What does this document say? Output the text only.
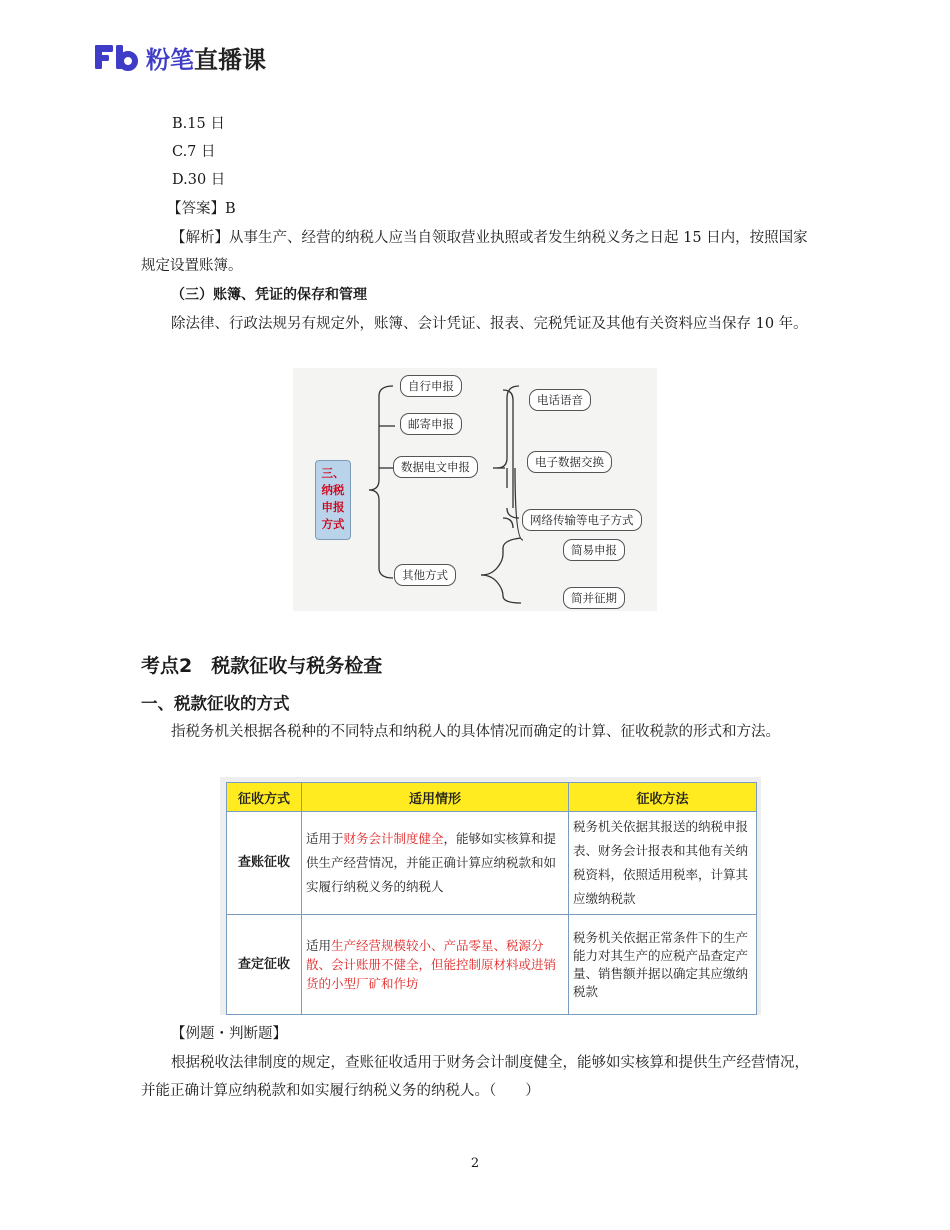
粉笔 直播课
B.15 日
C.7 日
D.30 日
【答案】B
【解析】从事生产、经营的纳税人应当自领取营业执照或者发生纳税义务之日起 15 日内，按照国家规定设置账簿。
（三）账簿、凭证的保存和管理
除法律、行政法规另有规定外，账簿、会计凭证、报表、完税凭证及其他有关资料应当保存 10 年。
三、
纳税
申报
方式
自行申报
邮寄申报
数据电文申报
其他方式
电话语音
电子数据交换
网络传输等电子方式
简易申报
简并征期
考点2　税款征收与税务检查
一、税款征收的方式
指税务机关根据各税种的不同特点和纳税人的具体情况而确定的计算、征收税款的形式和方法。
征收方式	适用情形	征收方法
查账征收	适用于财务会计制度健全，能够如实核算和提供生产经营情况，并能正确计算应纳税款和如实履行纳税义务的纳税人	税务机关依据其报送的纳税申报表、财务会计报表和其他有关纳税资料，依照适用税率，计算其应缴纳税款
查定征收	适用生产经营规模较小、产品零星、税源分散、会计账册不健全，但能控制原材料或进销货的小型厂矿和作坊	税务机关依据正常条件下的生产能力对其生产的应税产品查定产量、销售额并据以确定其应缴纳税款
【例题・判断题】
根据税收法律制度的规定，查账征收适用于财务会计制度健全，能够如实核算和提供生产经营情况，并能正确计算应纳税款和如实履行纳税义务的纳税人。（　　）
2
